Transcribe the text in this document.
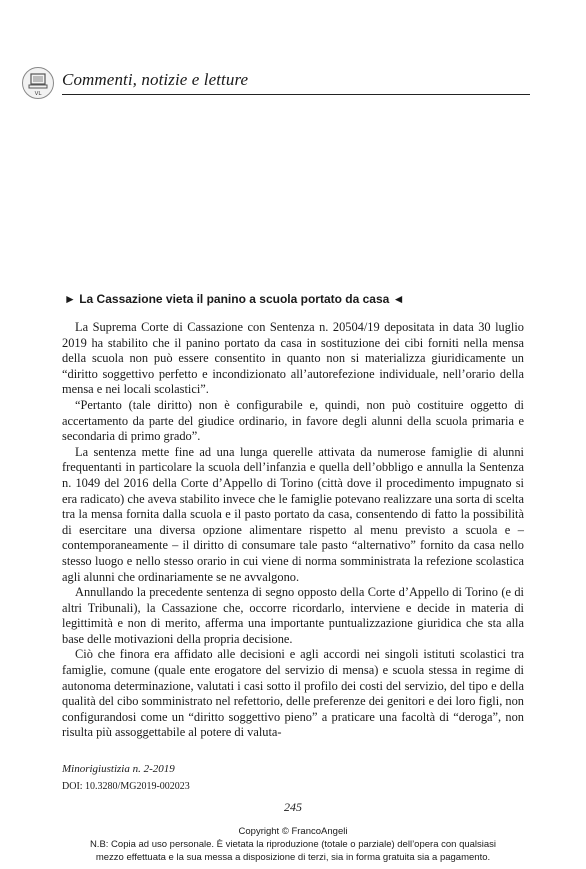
VL
Commenti, notizie e letture
► La Cassazione vieta il panino a scuola portato da casa ◄

La Suprema Corte di Cassazione con Sentenza n. 20504/19 depositata in data 30 luglio 2019 ha stabilito che il panino portato da casa in sostituzione dei cibi forniti nella mensa della scuola non può essere consentito in quanto non si materializza giuridicamente un “diritto soggettivo perfetto e incondizionato all’autorefezione individuale, nell’orario della mensa e nei locali scolastici”.

“Pertanto (tale diritto) non è configurabile e, quindi, non può costituire oggetto di accertamento da parte del giudice ordinario, in favore degli alunni della scuola primaria e secondaria di primo grado”.

La sentenza mette fine ad una lunga querelle attivata da numerose famiglie di alunni frequentanti in particolare la scuola dell’infanzia e quella dell’obbligo e annulla la Sentenza n. 1049 del 2016 della Corte d’Appello di Torino (città dove il procedimento impugnato si era radicato) che aveva stabilito invece che le famiglie potevano realizzare una sorta di scelta tra la mensa fornita dalla scuola e il pasto portato da casa, consentendo di fatto la possibilità di esercitare una diversa opzione alimentare rispetto al menu previsto a scuola e – contemporaneamente – il diritto di consumare tale pasto “alternativo” fornito da casa nello stesso luogo e nello stesso orario in cui viene di norma somministrata la refezione scolastica agli alunni che ordinariamente se ne avvalgono.

Annullando la precedente sentenza di segno opposto della Corte d’Appello di Torino (e di altri Tribunali), la Cassazione che, occorre ricordarlo, interviene e decide in materia di legittimità e non di merito, afferma una importante puntualizzazione giuridica che sta alla base delle motivazioni della propria decisione.

Ciò che finora era affidato alle decisioni e agli accordi nei singoli istituti scolastici tra famiglie, comune (quale ente erogatore del servizio di mensa) e scuola stessa in regime di autonoma determinazione, valutati i casi sotto il profilo dei costi del servizio, del tipo e della qualità del cibo somministrato nel refettorio, delle preferenze dei genitori e dei loro figli, non configurandosi come un “diritto soggettivo pieno” a praticare una facoltà di “deroga”, non risulta più assoggettabile al potere di valuta-

Minorigiustizia n. 2-2019
DOI: 10.3280/MG2019-002023
245
Copyright © FrancoAngeli
N.B: Copia ad uso personale. È vietata la riproduzione (totale o parziale) dell’opera con qualsiasi
mezzo effettuata e la sua messa a disposizione di terzi, sia in forma gratuita sia a pagamento.
